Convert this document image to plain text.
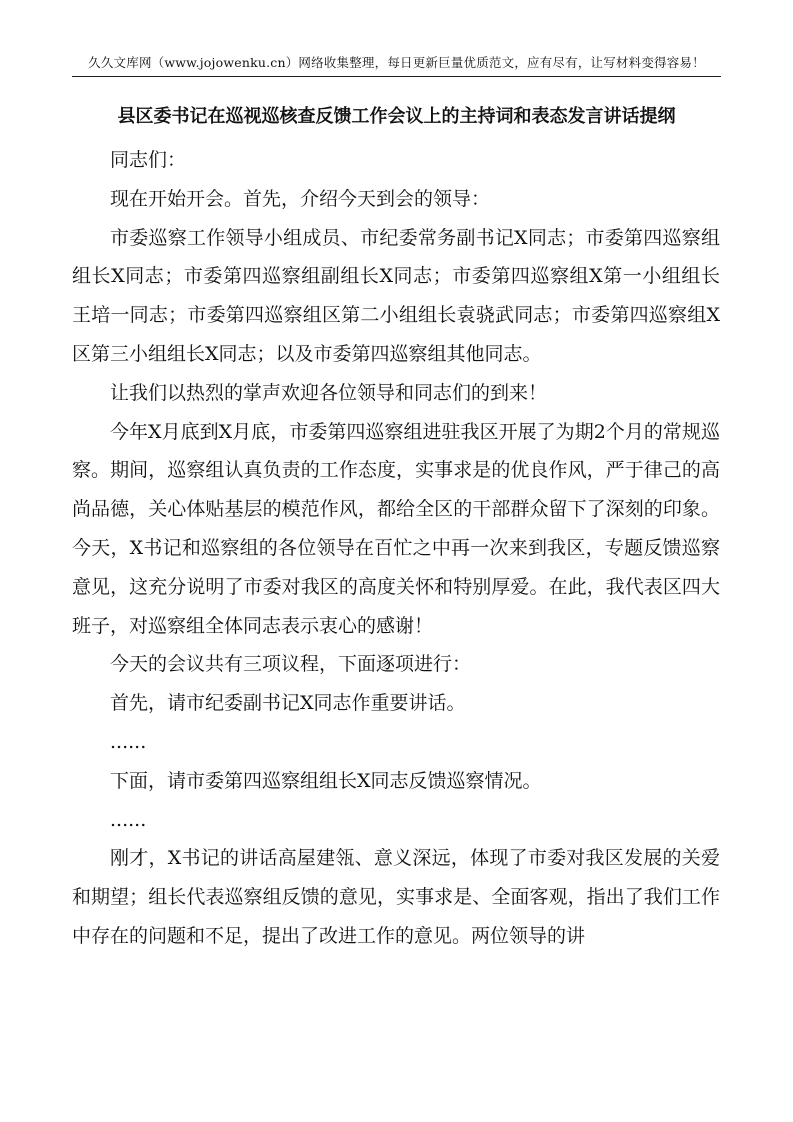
久久文库网（www.jojowenku.cn）网络收集整理，每日更新巨量优质范文，应有尽有，让写材料变得容易！
县区委书记在巡视巡核查反馈工作会议上的主持词和表态发言讲话提纲

同志们：

现在开始开会。首先，介绍今天到会的领导：

市委巡察工作领导小组成员、市纪委常务副书记X同志；市委第四巡察组组长X同志；市委第四巡察组副组长X同志；市委第四巡察组X第一小组组长王培一同志；市委第四巡察组区第二小组组长袁骁武同志；市委第四巡察组X区第三小组组长X同志；以及市委第四巡察组其他同志。

让我们以热烈的掌声欢迎各位领导和同志们的到来！

今年X月底到X月底，市委第四巡察组进驻我区开展了为期2个月的常规巡察。期间，巡察组认真负责的工作态度，实事求是的优良作风，严于律己的高尚品德，关心体贴基层的模范作风，都给全区的干部群众留下了深刻的印象。今天，X书记和巡察组的各位领导在百忙之中再一次来到我区，专题反馈巡察意见，这充分说明了市委对我区的高度关怀和特别厚爱。在此，我代表区四大班子，对巡察组全体同志表示衷心的感谢！

今天的会议共有三项议程，下面逐项进行：

首先，请市纪委副书记X同志作重要讲话。

......

下面，请市委第四巡察组组长X同志反馈巡察情况。

......

刚才，X书记的讲话高屋建瓴、意义深远，体现了市委对我区发展的关爱和期望；组长代表巡察组反馈的意见，实事求是、全面客观，指出了我们工作中存在的问题和不足，提出了改进工作的意见。两位领导的讲
